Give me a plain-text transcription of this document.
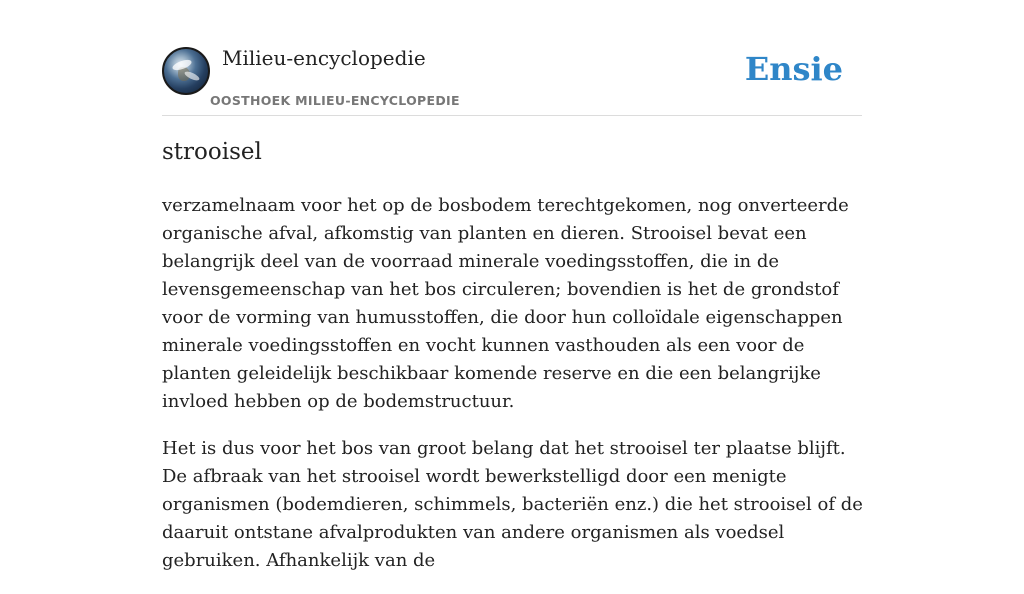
Milieu-encyclopedie
OOSTHOEK MILIEU-ENCYCLOPEDIE
Ensie
strooisel

verzamelnaam voor het op de bosbodem terechtgekomen, nog onverteerde organische afval, afkomstig van planten en dieren. Strooisel bevat een belangrijk deel van de voorraad minerale voedingsstoffen, die in de levensgemeenschap van het bos circuleren; bovendien is het de grondstof voor de vorming van humusstoffen, die door hun colloïdale eigenschappen minerale voedingsstoffen en vocht kunnen vasthouden als een voor de planten geleidelijk beschikbaar komende reserve en die een belangrijke invloed hebben op de bodemstructuur.

Het is dus voor het bos van groot belang dat het strooisel ter plaatse blijft. De afbraak van het strooisel wordt bewerkstelligd door een menigte organismen (bodemdieren, schimmels, bacteriën enz.) die het strooisel of de daaruit ontstane afvalprodukten van andere organismen als voedsel gebruiken. Afhankelijk van de
